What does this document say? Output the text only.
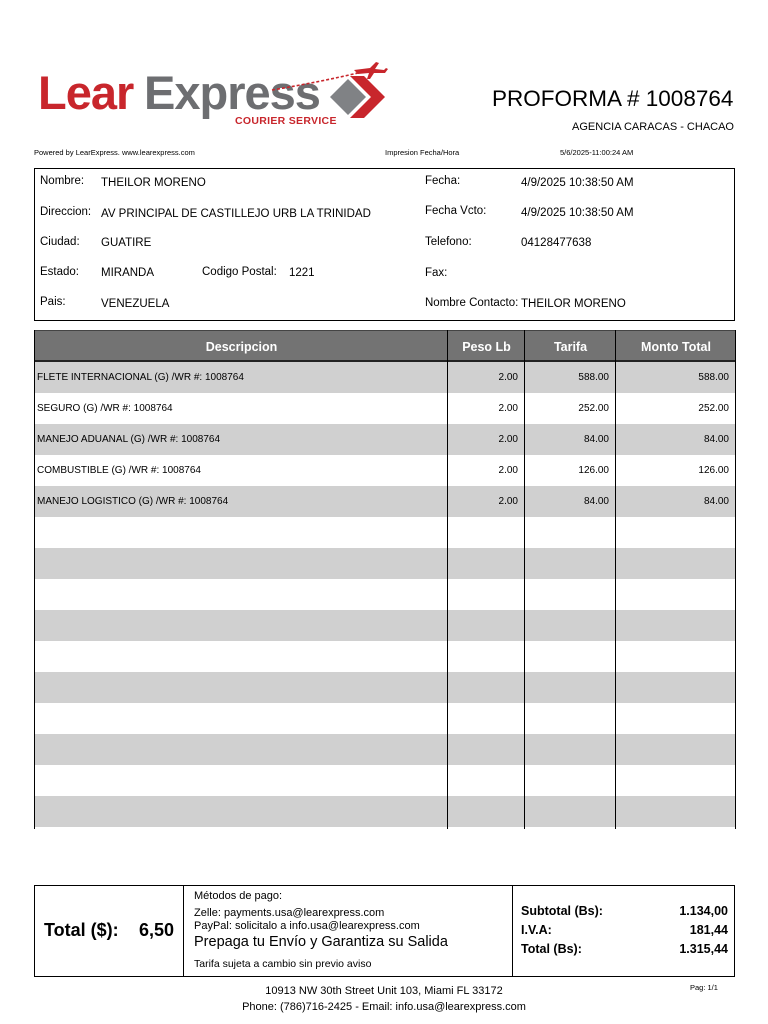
Lear Express
COURIER SERVICE
PROFORMA # 1008764
AGENCIA CARACAS - CHACAO
Powered by LearExpress. www.learexpress.com	Impresion Fecha/Hora	5/6/2025-11:00:24 AM
Nombre: THEILOR MORENO
Direccion: AV PRINCIPAL DE CASTILLEJO URB LA TRINIDAD
Ciudad: GUATIRE
Estado: MIRANDA	Codigo Postal: 1221
Pais:	VENEZUELA
Fecha:	4/9/2025 10:38:50 AM
Fecha Vcto:	4/9/2025 10:38:50 AM
Telefono:	04128477638
Fax:
Nombre Contacto: THEILOR MORENO
FLETE INTERNACIONAL (G) /WR #: 1008764	2.00	588.00	588.00
SEGURO (G) /WR #: 1008764	2.00	252.00	252.00
MANEJO ADUANAL (G) /WR #: 1008764	2.00	84.00	84.00
COMBUSTIBLE (G) /WR #: 1008764	2.00	126.00	126.00
MANEJO LOGISTICO (G) /WR #: 1008764	2.00	84.00	84.00
Descripcion	Peso Lb	Tarifa	Monto Total
Total ($): 6,50
Métodos de pago:
Zelle: payments.usa@learexpress.com
PayPal: solicitalo a info.usa@learexpress.com
Prepaga tu Envío y Garantiza su Salida
Tarifa sujeta a cambio sin previo aviso
Subtotal (Bs):	1.134,00
I.V.A:	181,44
Total (Bs):	1.315,44
10913 NW 30th Street Unit 103, Miami FL 33172
Phone: (786)716-2425 - Email: info.usa@learexpress.com
Pag: 1/1
